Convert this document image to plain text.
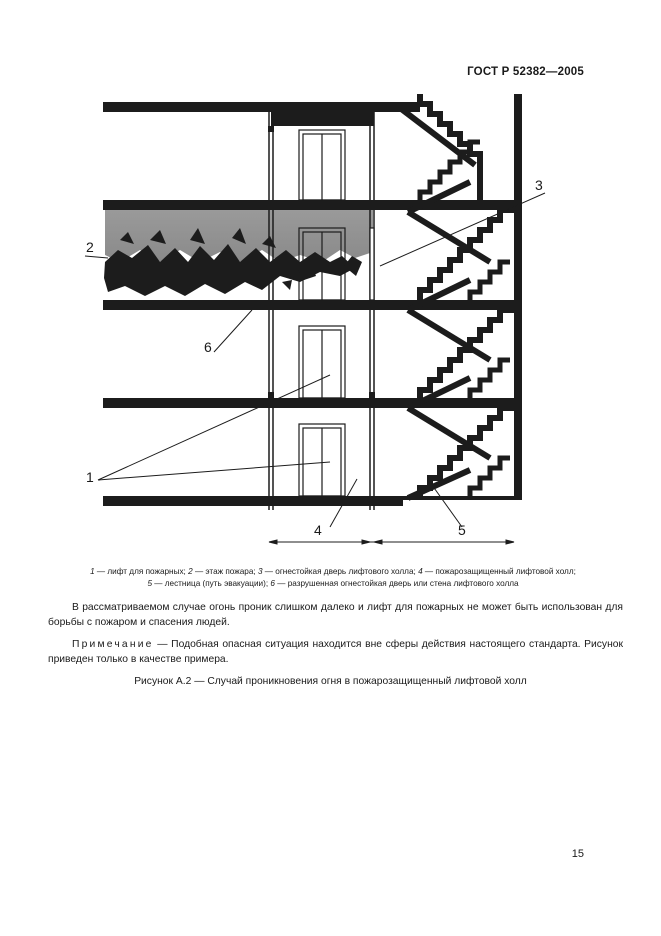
ГОСТ Р 52382—2005
1
2
3
4	5
6
1 — лифт для пожарных; 2 — этаж пожара; 3 — огнестойкая дверь лифтового холла; 4 — пожарозащищенный лифтовой холл;
5 — лестница (путь эвакуации); 6 — разрушенная огнестойкая дверь или стена лифтового холла
В рассматриваемом случае огонь проник слишком далеко и лифт для пожарных не может быть использован для борьбы с пожаром и спасения людей.
Примечание — Подобная опасная ситуация находится вне сферы действия настоящего стандарта. Рисунок приведен только в качестве примера.
Рисунок А.2 — Случай проникновения огня в пожарозащищенный лифтовой холл
15
